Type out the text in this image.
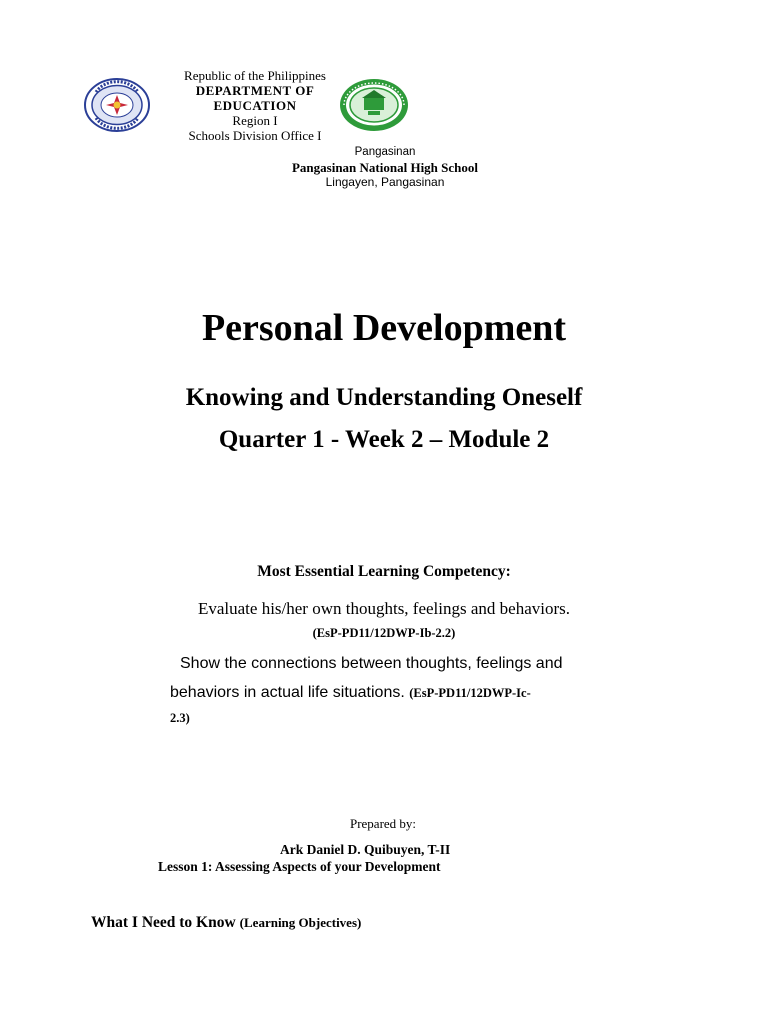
Republic of the Philippines
DEPARTMENT OF
EDUCATION
Region I
Schools Division Office I
Pangasinan
Pangasinan National High School
Lingayen, Pangasinan
Personal Development
Knowing and Understanding Oneself
Quarter 1 - Week 2 – Module 2
Most Essential Learning Competency:
Evaluate his/her own thoughts, feelings and behaviors.
(EsP-PD11/12DWP-Ib-2.2)
Show the connections between thoughts, feelings and
behaviors in actual life situations. (EsP-PD11/12DWP-Ic-
2.3)
Prepared by:
Ark Daniel D. Quibuyen, T-II
Lesson 1: Assessing Aspects of your Development
What I Need to Know (Learning Objectives)
